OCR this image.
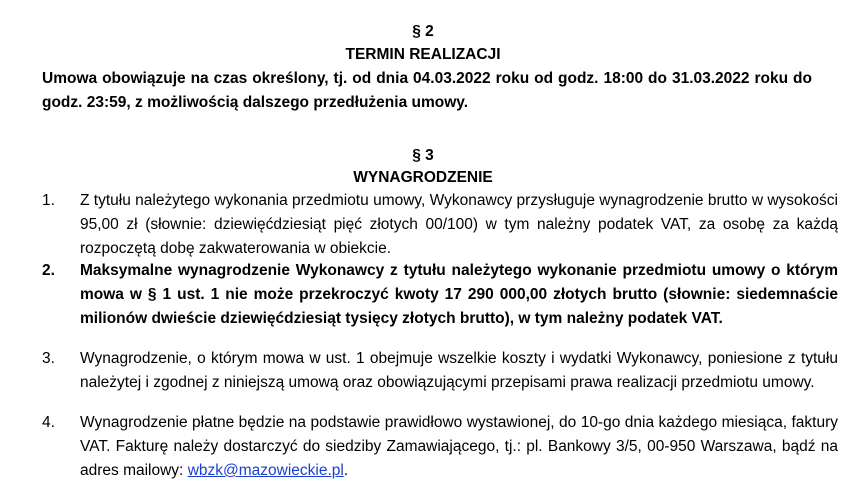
§ 2
TERMIN REALIZACJI
Umowa obowiązuje na czas określony, tj. od dnia 04.03.2022 roku od godz. 18:00 do 31.03.2022 roku do godz. 23:59, z możliwością dalszego przedłużenia umowy.
§ 3
WYNAGRODZENIE
1.	Z tytułu należytego wykonania przedmiotu umowy, Wykonawcy przysługuje wynagrodzenie brutto w wysokości 95,00 zł (słownie: dziewięćdziesiąt pięć złotych 00/100) w tym należny podatek VAT, za osobę za każdą rozpoczętą dobę zakwaterowania w obiekcie.
2.	Maksymalne wynagrodzenie Wykonawcy z tytułu należytego wykonanie przedmiotu umowy o którym mowa w § 1 ust. 1 nie może przekroczyć kwoty 17 290 000,00 złotych brutto (słownie: siedemnaście milionów dwieście dziewięćdziesiąt tysięcy złotych brutto), w tym należny podatek VAT.
3.	Wynagrodzenie, o którym mowa w ust. 1 obejmuje wszelkie koszty i wydatki Wykonawcy, poniesione z tytułu należytej i zgodnej z niniejszą umową oraz obowiązującymi przepisami prawa realizacji przedmiotu umowy.
4.	Wynagrodzenie płatne będzie na podstawie prawidłowo wystawionej, do 10-go dnia każdego miesiąca, faktury VAT. Fakturę należy dostarczyć do siedziby Zamawiającego, tj.: pl. Bankowy 3/5, 00-950 Warszawa, bądź na adres mailowy: wbzk@mazowieckie.pl.
